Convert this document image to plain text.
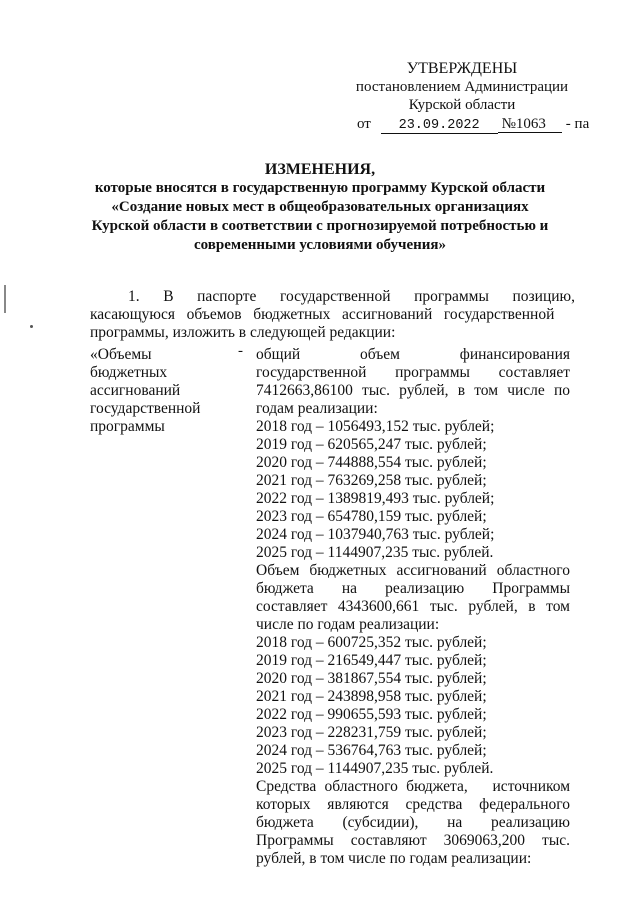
УТВЕРЖДЕНЫ
постановлением Администрации
Курской области
от 23.09.2022 №1063 - па
ИЗМЕНЕНИЯ,
которые вносятся в государственную программу Курской области
«Создание новых мест в общеобразовательных организациях
Курской области в соответствии с прогнозируемой потребностью и
современными условиями обучения»
1.     В     паспорте     государственной     программы     позицию,
касающуюся   объемов   бюджетных   ассигнований   государственной
программы, изложить в следующей редакции:
«Объемы
бюджетных
ассигнований
государственной
программы
- общий объем финансирования государственной программы составляет 7412663,86100 тыс. рублей, в том числе по годам реализации:
2018 год – 1056493,152 тыс. рублей;
2019 год – 620565,247 тыс. рублей;
2020 год – 744888,554 тыс. рублей;
2021 год – 763269,258 тыс. рублей;
2022 год – 1389819,493 тыс. рублей;
2023 год – 654780,159 тыс. рублей;
2024 год – 1037940,763 тыс. рублей;
2025 год – 1144907,235 тыс. рублей.
Объем бюджетных ассигнований областного бюджета на реализацию Программы составляет 4343600,661 тыс. рублей, в том числе по годам реализации:
2018 год – 600725,352 тыс. рублей;
2019 год – 216549,447 тыс. рублей;
2020 год – 381867,554 тыс. рублей;
2021 год – 243898,958 тыс. рублей;
2022 год – 990655,593 тыс. рублей;
2023 год – 228231,759 тыс. рублей;
2024 год – 536764,763 тыс. рублей;
2025 год – 1144907,235 тыс. рублей.
Средства областного бюджета,   источником которых являются средства федерального бюджета (субсидии), на реализацию Программы составляют 3069063,200 тыс. рублей, в том числе по годам реализации:
